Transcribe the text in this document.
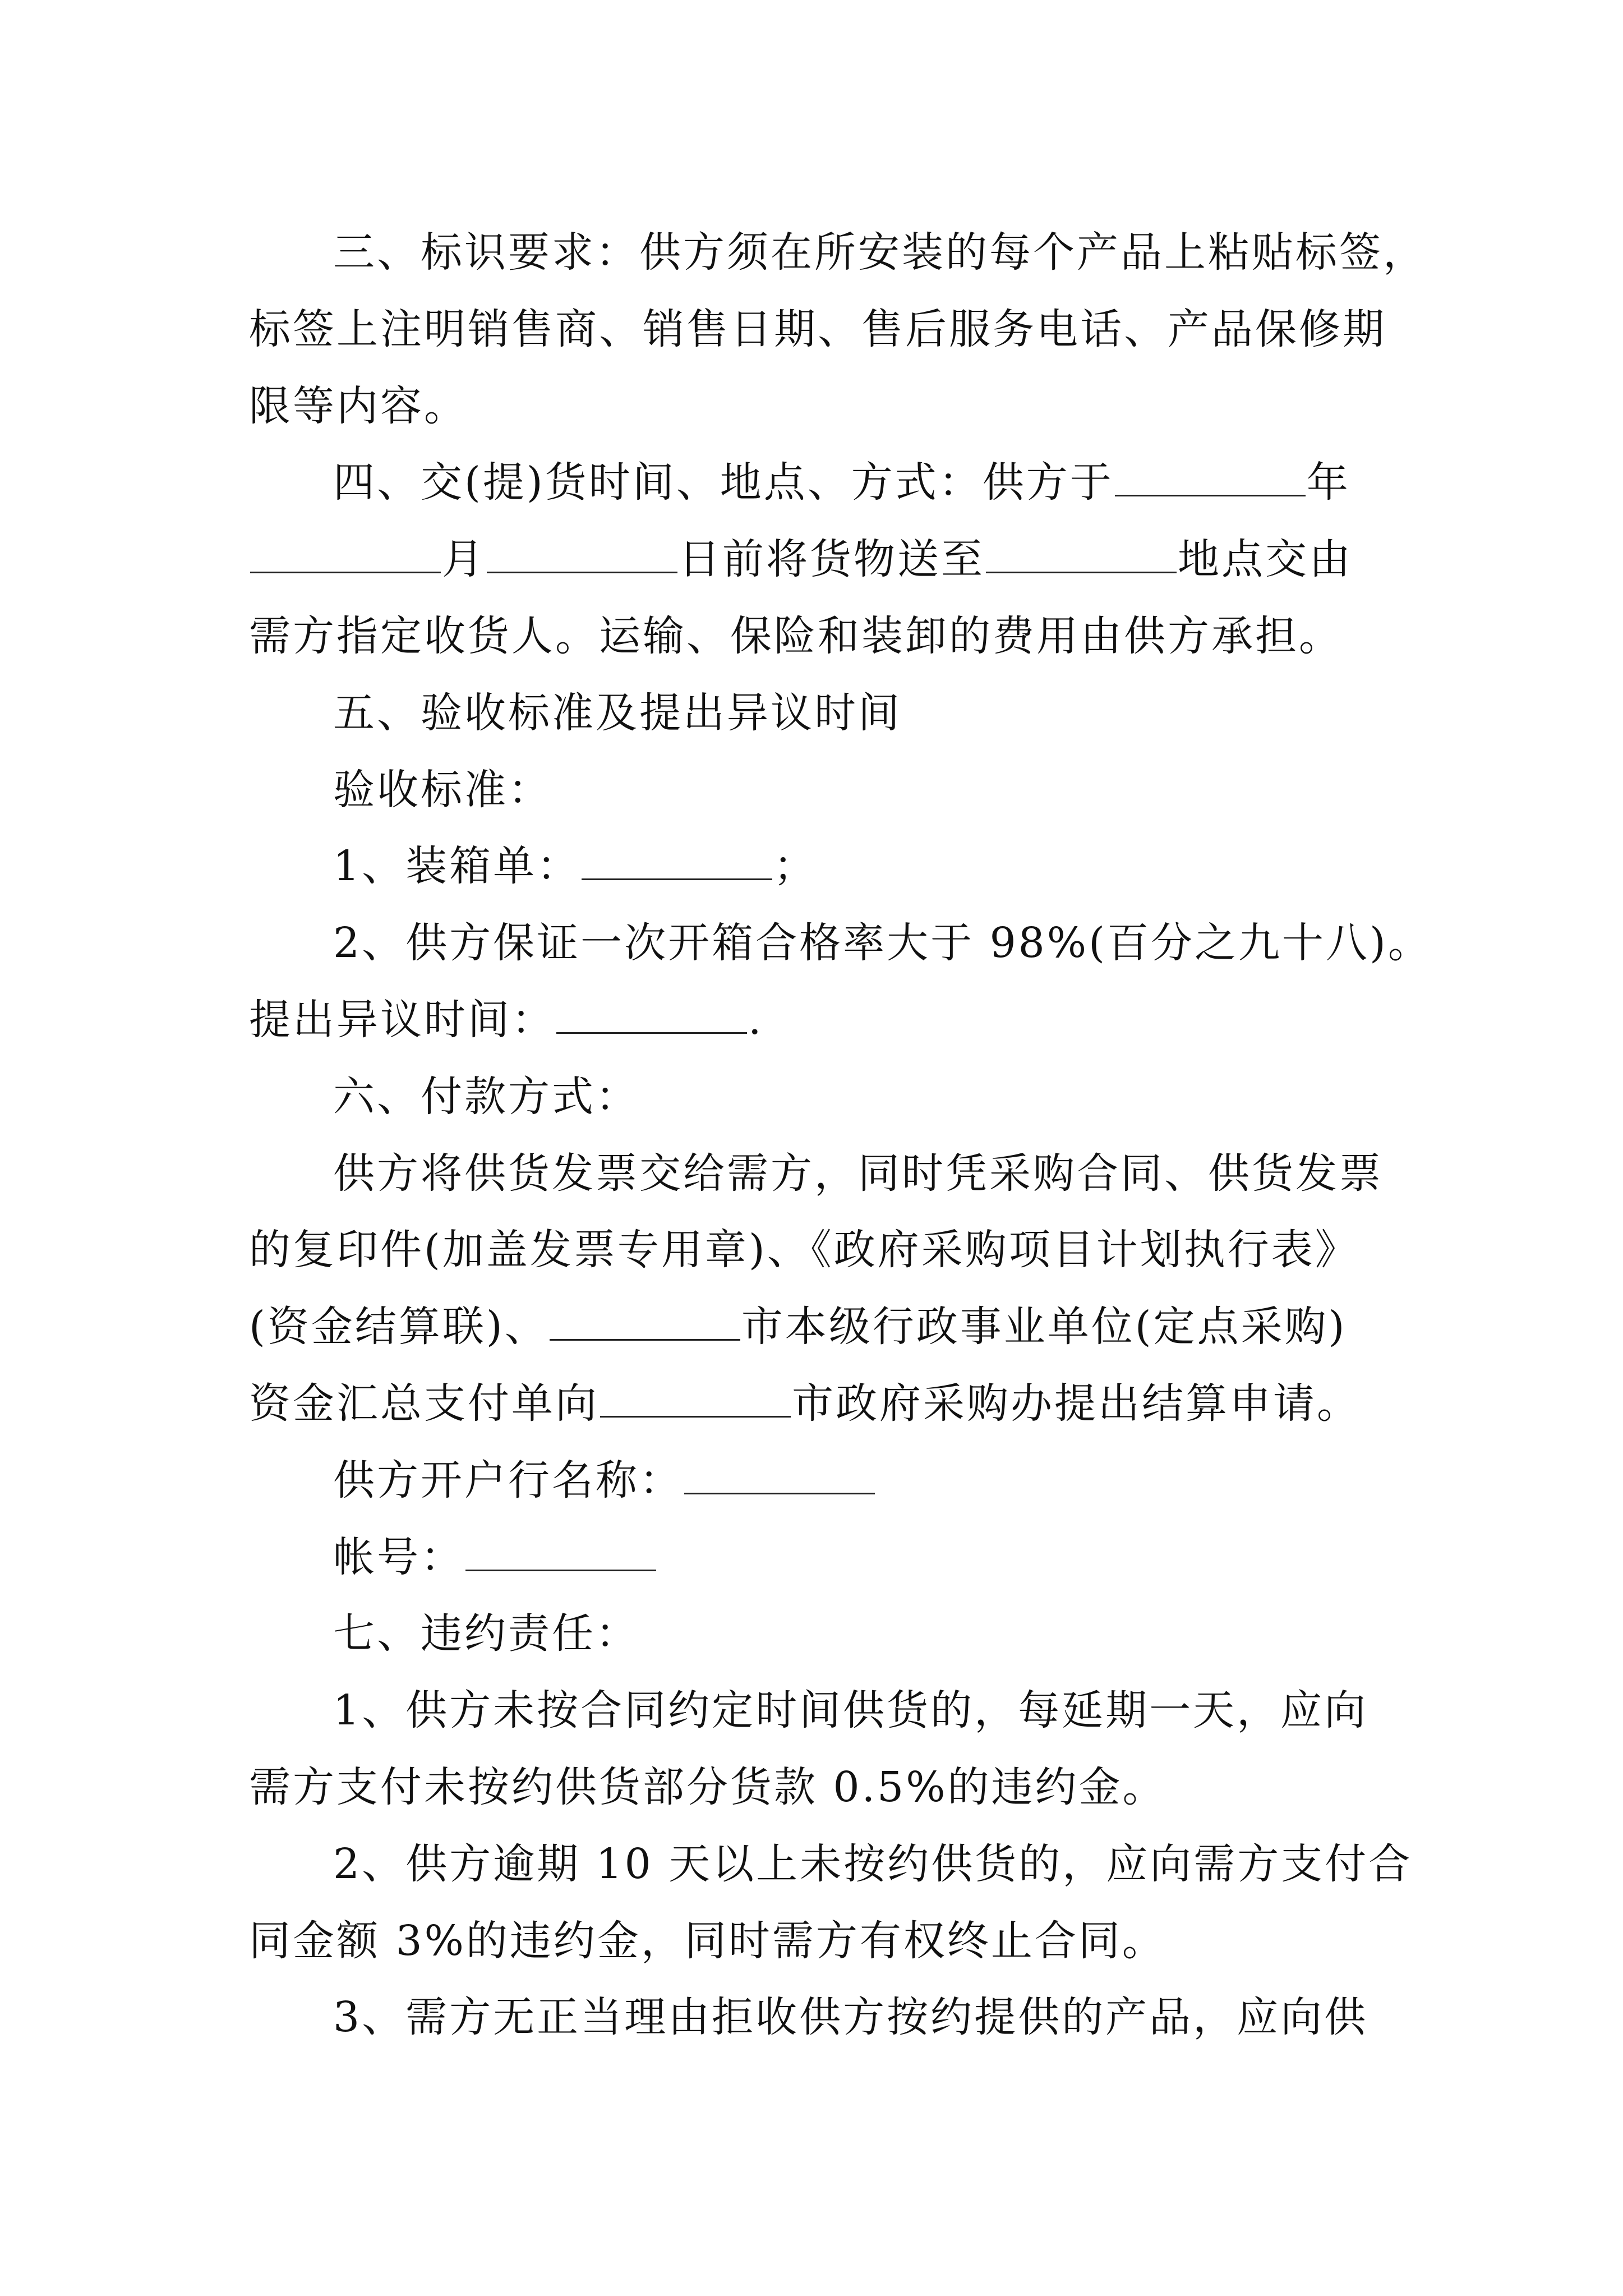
三、标识要求：供方须在所安装的每个产品上粘贴标签，
标签上注明销售商、销售日期、售后服务电话、产品保修期
限等内容。
四、交(提)货时间、地点、方式：供方于	年
月	日前将货物送至	地点交由
需方指定收货人。运输、保险和装卸的费用由供方承担。
五、验收标准及提出异议时间
验收标准：
1、装箱单：	；
2、供方保证一次开箱合格率大于 98%(百分之九十八)。
提出异议时间：	.
六、付款方式：
供方将供货发票交给需方，同时凭采购合同、供货发票
的复印件(加盖发票专用章)、《政府采购项目计划执行表》
(资金结算联)、	市本级行政事业单位(定点采购)
资金汇总支付单向	市政府采购办提出结算申请。
供方开户行名称：
帐号：
七、违约责任：
1、供方未按合同约定时间供货的，每延期一天，应向
需方支付未按约供货部分货款 0.5%的违约金。
2、供方逾期 10 天以上未按约供货的，应向需方支付合
同金额 3%的违约金，同时需方有权终止合同。
3、需方无正当理由拒收供方按约提供的产品，应向供
